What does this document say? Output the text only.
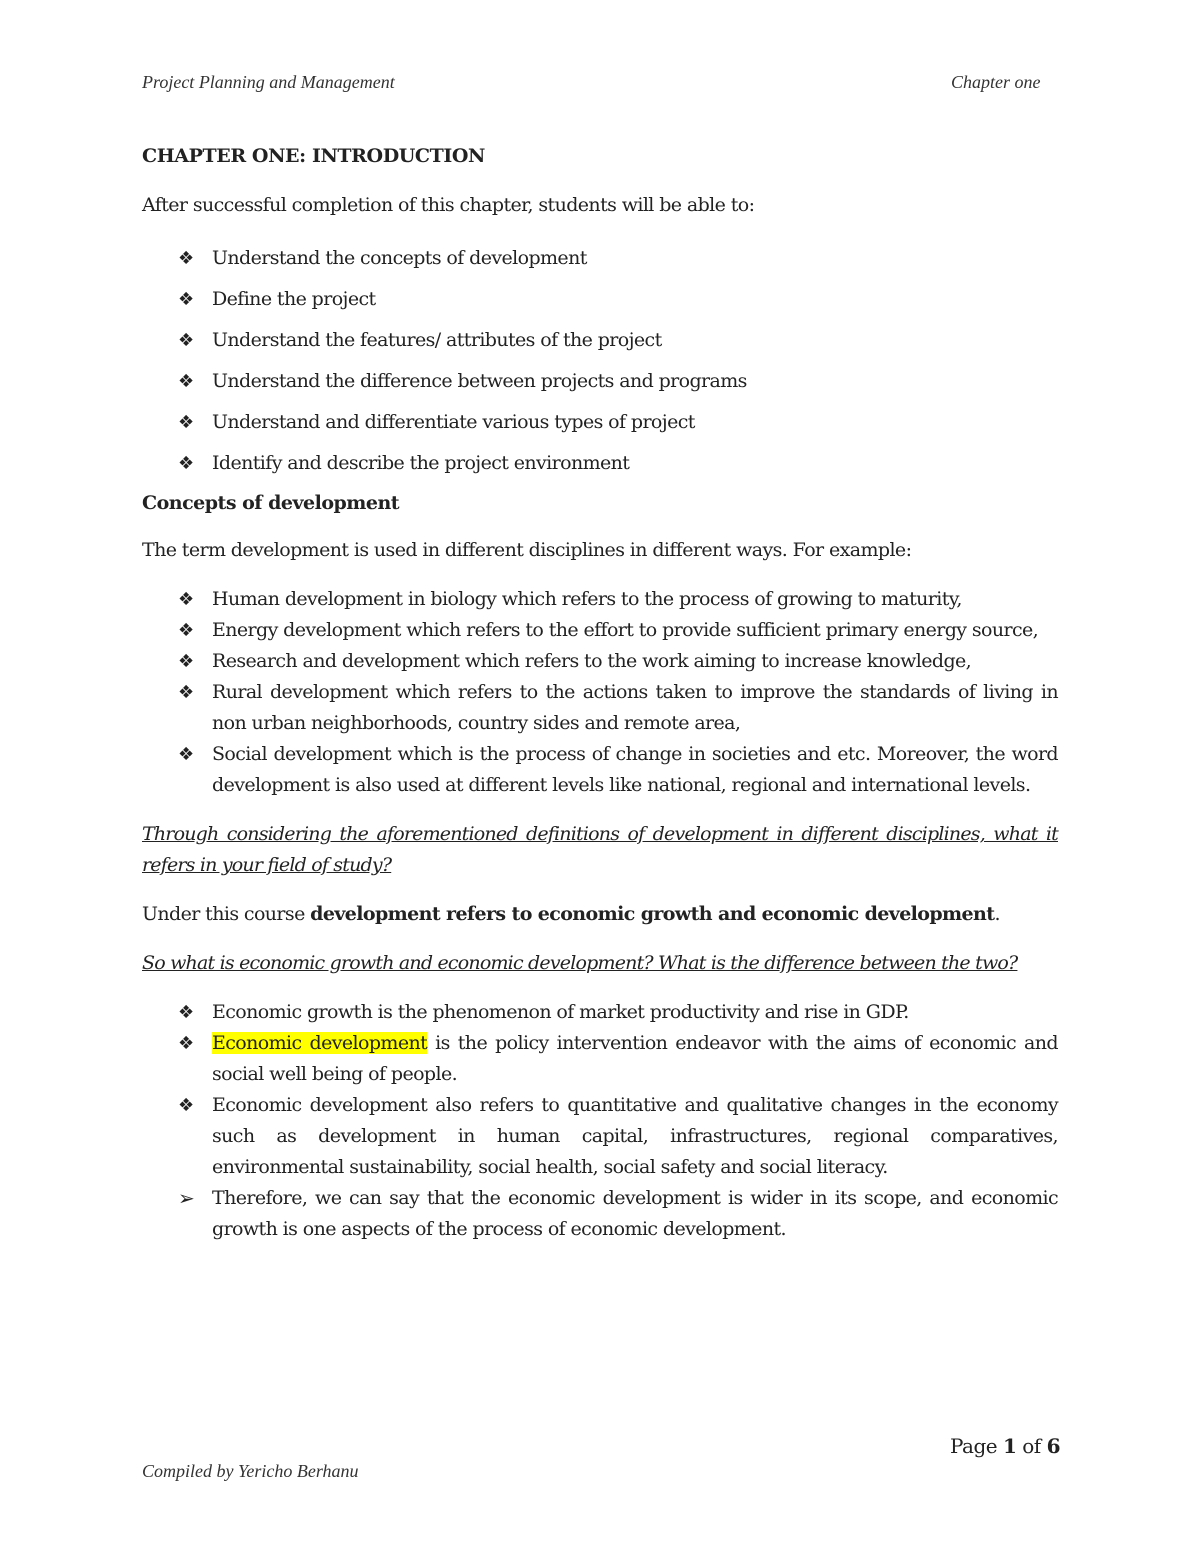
Project Planning and Management	Chapter one
CHAPTER ONE: INTRODUCTION

After successful completion of this chapter, students will be able to:

❖ Understand the concepts of development
❖ Define the project
❖ Understand the features/ attributes of the project
❖ Understand the difference between projects and programs
❖ Understand and differentiate various types of project
❖ Identify and describe the project environment
Concepts of development

The term development is used in different disciplines in different ways. For example:

❖ Human development in biology which refers to the process of growing to maturity,
❖ Energy development which refers to the effort to provide sufficient primary energy source,
❖ Research and development which refers to the work aiming to increase knowledge,
❖ Rural development which refers to the actions taken to improve the standards of living in non urban neighborhoods, country sides and remote area,
❖ Social development which is the process of change in societies and etc. Moreover, the word development is also used at different levels like national, regional and international levels.

Through considering the aforementioned definitions of development in different disciplines, what it refers in your field of study?

Under this course development refers to economic growth and economic development.

So what is economic growth and economic development? What is the difference between the two?

❖ Economic growth is the phenomenon of market productivity and rise in GDP.
❖ Economic development is the policy intervention endeavor with the aims of economic and social well being of people.
❖ Economic development also refers to quantitative and qualitative changes in the economy such as development in human capital, infrastructures, regional comparatives, environmental sustainability, social health, social safety and social literacy.
➢ Therefore, we can say that the economic development is wider in its scope, and economic growth is one aspects of the process of economic development.
Page 1 of 6
Compiled by Yericho Berhanu
